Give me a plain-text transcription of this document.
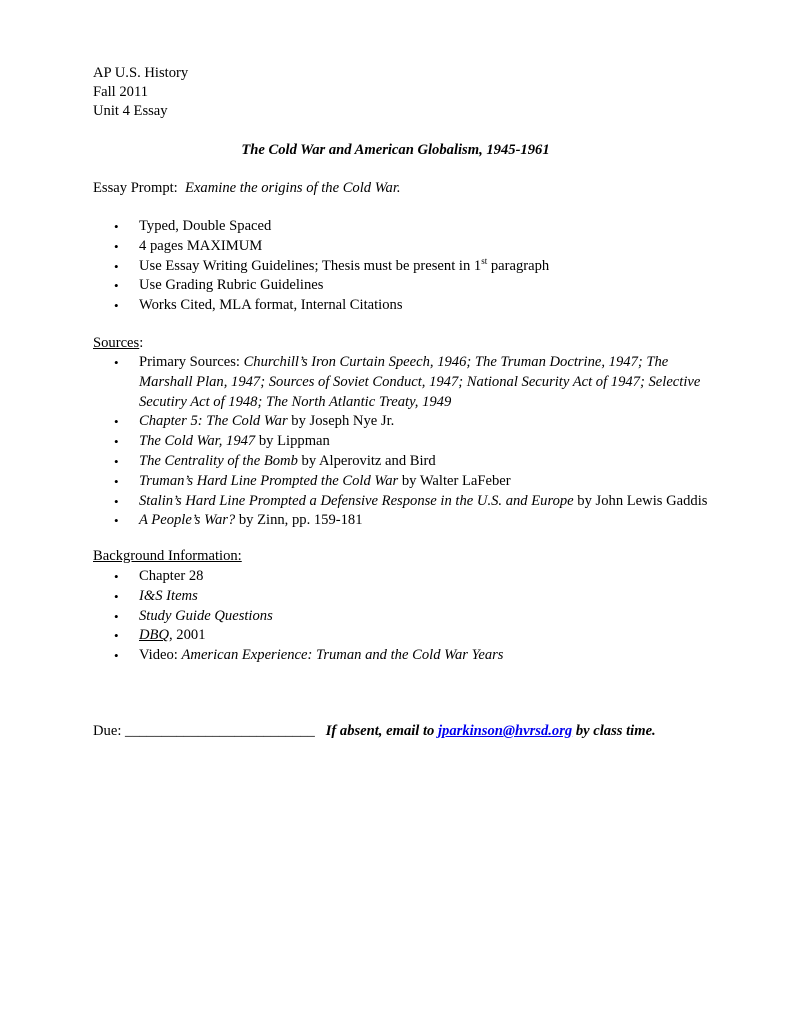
AP U.S. History
Fall 2011
Unit 4 Essay
The Cold War and American Globalism, 1945-1961
Essay Prompt: Examine the origins of the Cold War.
• Typed, Double Spaced
• 4 pages MAXIMUM
• Use Essay Writing Guidelines; Thesis must be present in 1st paragraph
• Use Grading Rubric Guidelines
• Works Cited, MLA format, Internal Citations
Sources:
• Primary Sources: Churchill’s Iron Curtain Speech, 1946; The Truman Doctrine, 1947; The Marshall Plan, 1947; Sources of Soviet Conduct, 1947; National Security Act of 1947; Selective Secutiry Act of 1948; The North Atlantic Treaty, 1949
• Chapter 5: The Cold War by Joseph Nye Jr.
• The Cold War, 1947 by Lippman
• The Centrality of the Bomb by Alperovitz and Bird
• Truman’s Hard Line Prompted the Cold War by Walter LaFeber
• Stalin’s Hard Line Prompted a Defensive Response in the U.S. and Europe by John Lewis Gaddis
• A People’s War? by Zinn, pp. 159-181
Background Information:
• Chapter 28
• I&S Items
• Study Guide Questions
• DBQ, 2001
• Video: American Experience: Truman and the Cold War Years
Due: __________________________ If absent, email to jparkinson@hvrsd.org by class time.
